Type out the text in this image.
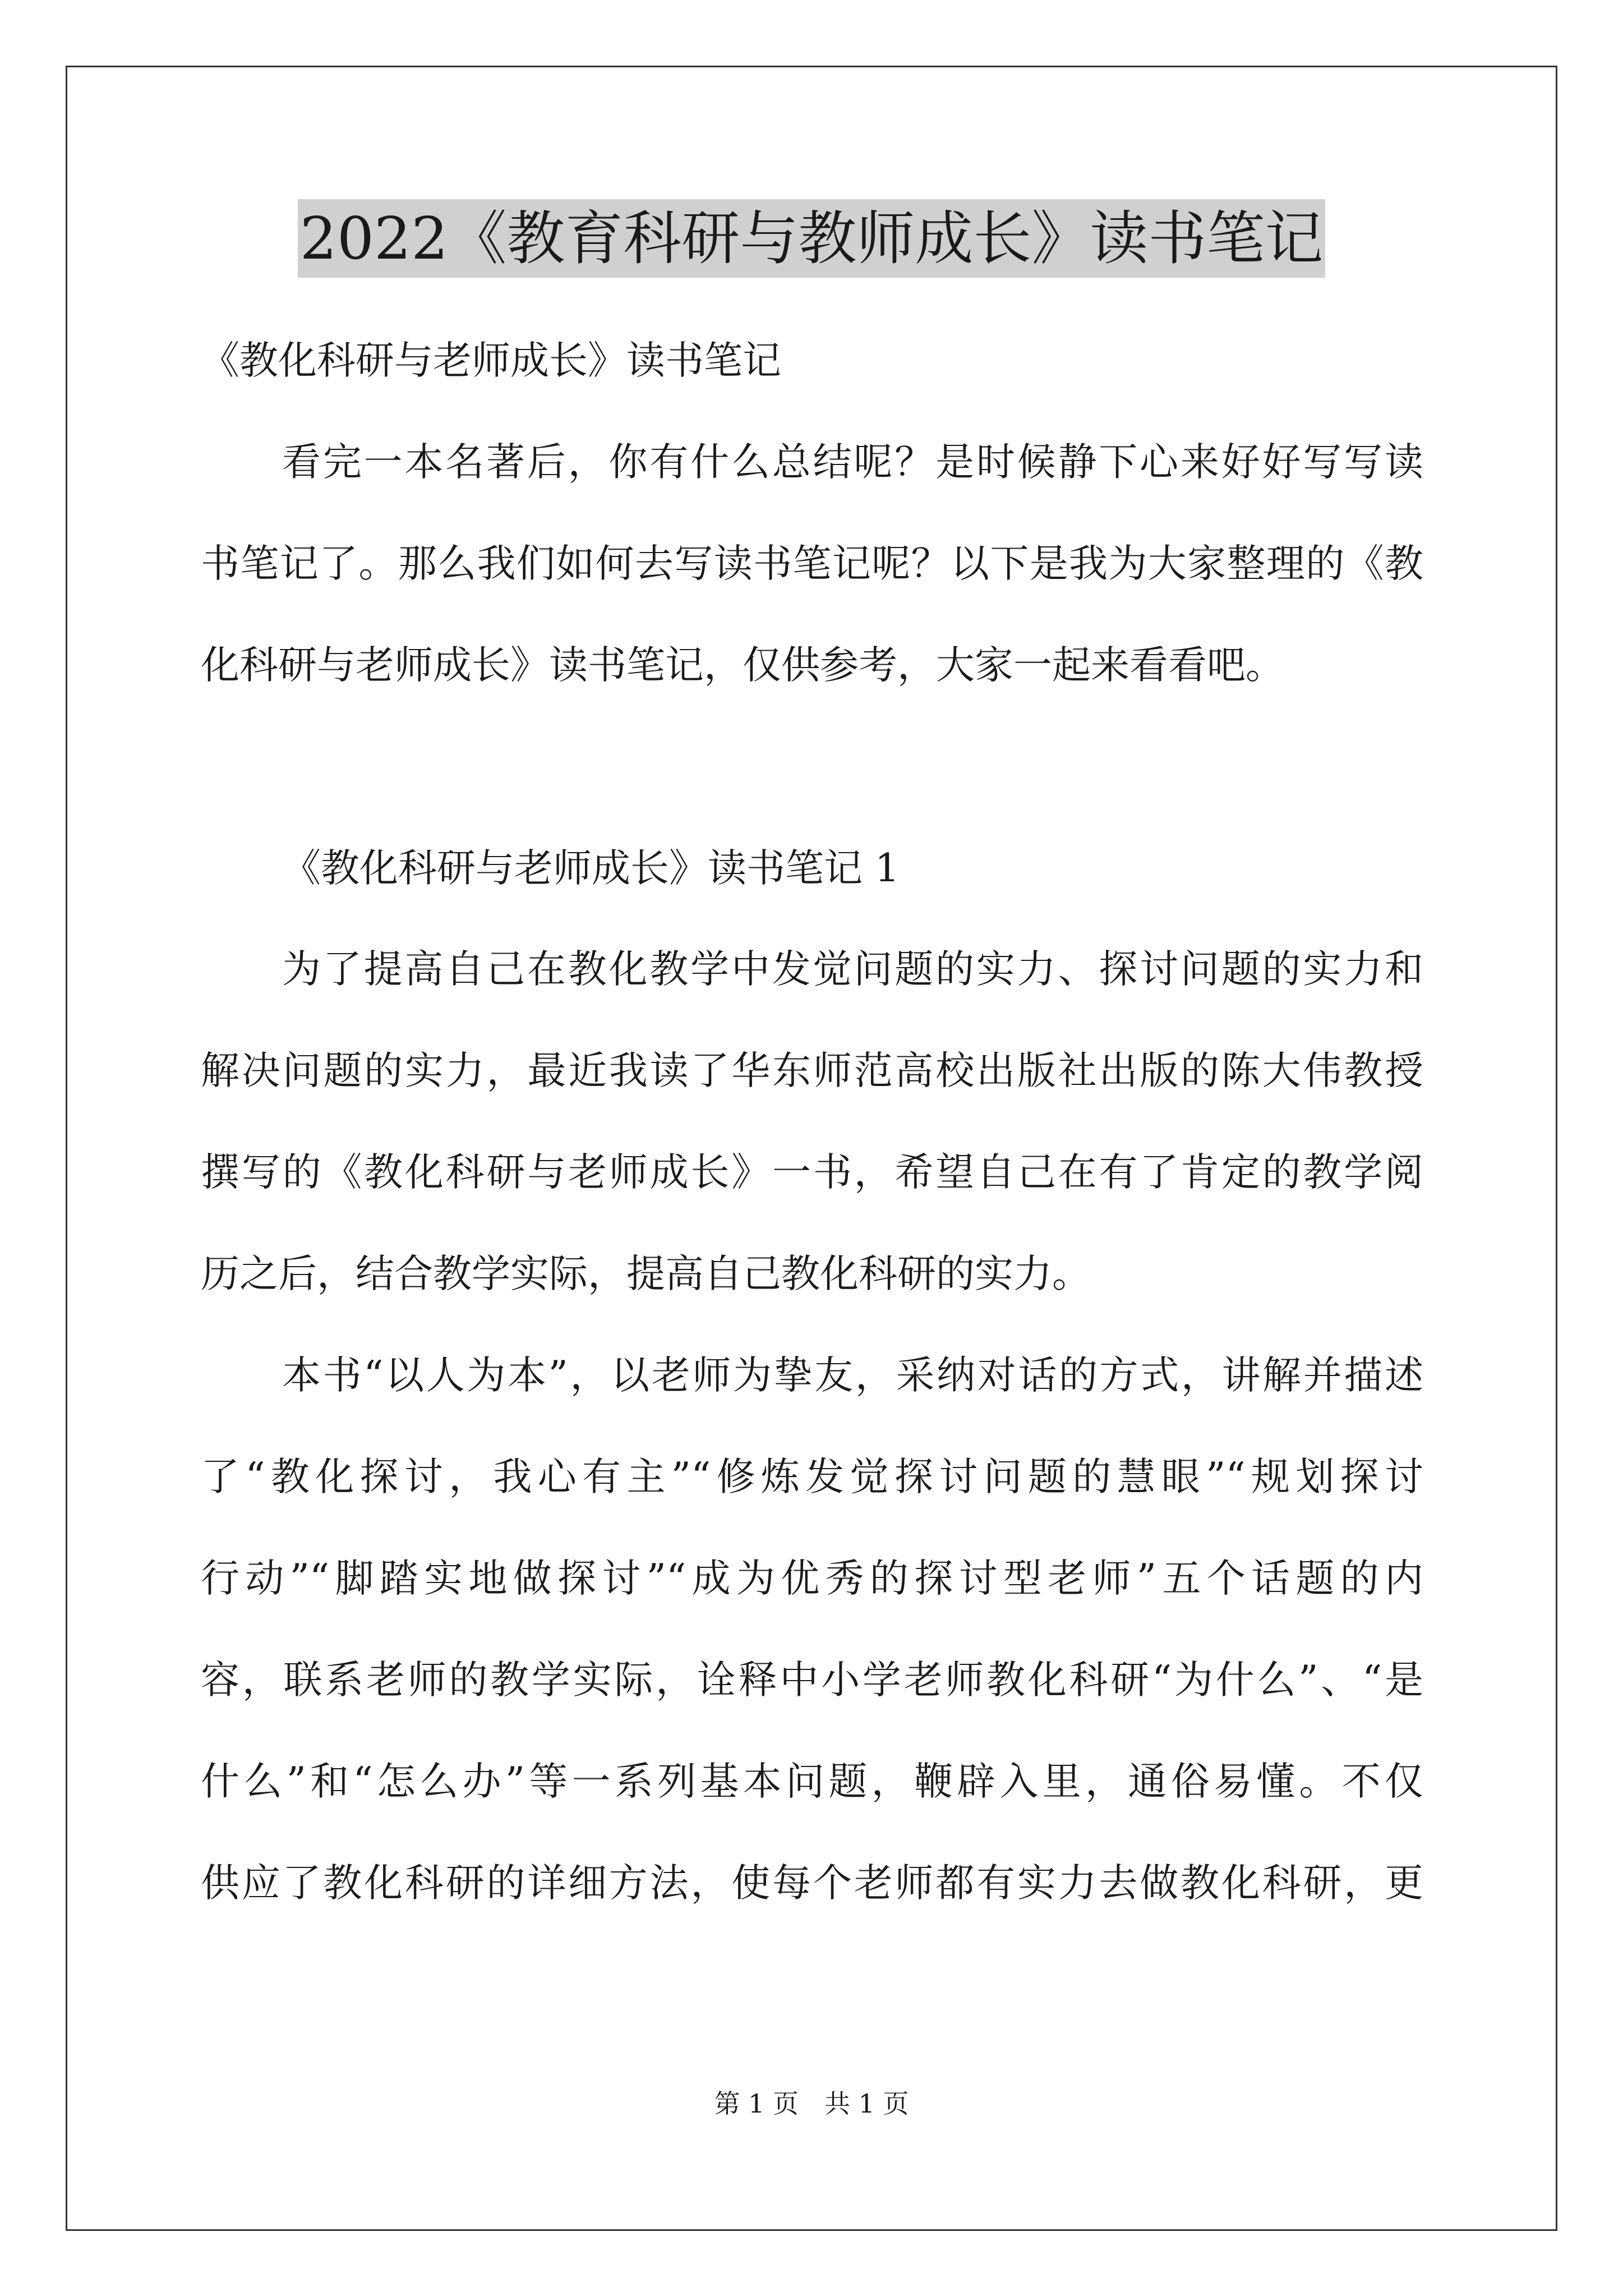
2022《教育科研与教师成长》读书笔记

《教化科研与老师成长》读书笔记

看完一本名著后，你有什么总结呢？是时候静下心来好好写写读

书笔记了。那么我们如何去写读书笔记呢？以下是我为大家整理的《教

化科研与老师成长》读书笔记，仅供参考，大家一起来看看吧。

《教化科研与老师成长》读书笔记 1

为了提高自己在教化教学中发觉问题的实力、探讨问题的实力和

解决问题的实力，最近我读了华东师范高校出版社出版的陈大伟教授

撰写的《教化科研与老师成长》一书，希望自己在有了肯定的教学阅

历之后，结合教学实际，提高自己教化科研的实力。

本书“以人为本”，以老师为挚友，采纳对话的方式，讲解并描述

了“教化探讨，我心有主”“修炼发觉探讨问题的慧眼”“规划探讨

行动”“脚踏实地做探讨”“成为优秀的探讨型老师”五个话题的内

容，联系老师的教学实际，诠释中小学老师教化科研“为什么”、“是

什么”和“怎么办”等一系列基本问题，鞭辟入里，通俗易懂。不仅

供应了教化科研的详细方法，使每个老师都有实力去做教化科研，更

第 1 页　共 1 页
